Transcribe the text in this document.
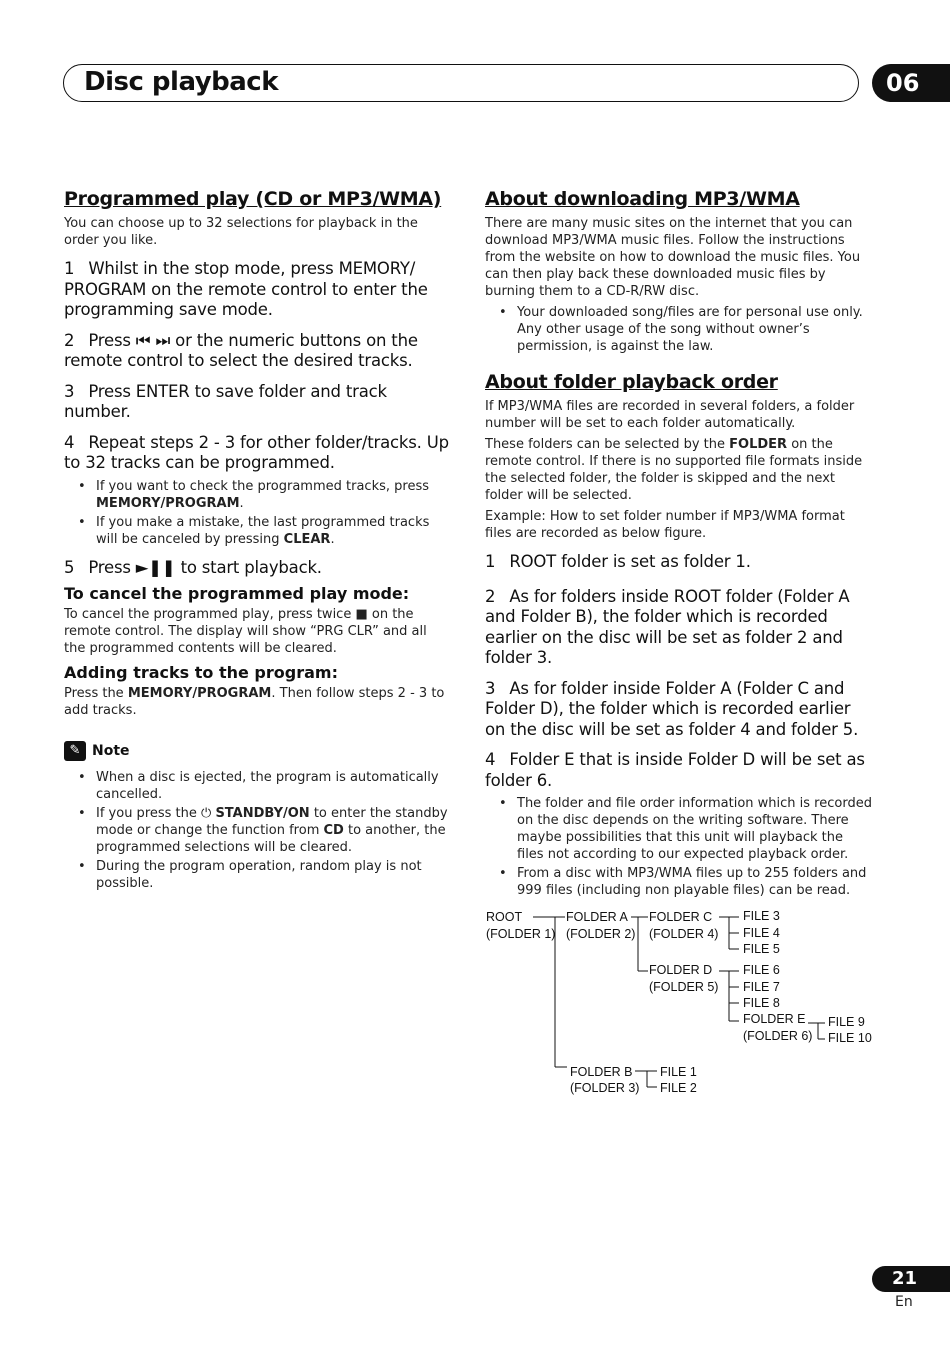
Disc playback	06
Programmed play (CD or MP3/WMA)

You can choose up to 32 selections for playback in the order you like.

1 Whilst in the stop mode, press MEMORY/ PROGRAM on the remote control to enter the programming save mode.
2 Press ⏮ ⏭ or the numeric buttons on the remote control to select the desired tracks.
3 Press ENTER to save folder and track number.
4 Repeat steps 2 - 3 for other folder/tracks. Up to 32 tracks can be programmed.
• If you want to check the programmed tracks, press MEMORY/PROGRAM.
• If you make a mistake, the last programmed tracks will be canceled by pressing CLEAR.
5 Press ►❚❚ to start playback.
To cancel the programmed play mode:

To cancel the programmed play, press twice ■ on the remote control. The display will show “PRG CLR” and all the programmed contents will be cleared.

Adding tracks to the program:

Press the MEMORY/PROGRAM. Then follow steps 2 - 3 to add tracks.

✎ Note
• When a disc is ejected, the program is automatically cancelled.
• If you press the ⏻ STANDBY/ON to enter the standby mode or change the function from CD to another, the programmed selections will be cleared.
• During the program operation, random play is not possible.
About downloading MP3/WMA

There are many music sites on the internet that you can download MP3/WMA music files. Follow the instructions from the website on how to download the music files. You can then play back these downloaded music files by burning them to a CD-R/RW disc.

• Your downloaded song/files are for personal use only. Any other usage of the song without owner’s permission, is against the law.
About folder playback order

If MP3/WMA files are recorded in several folders, a folder number will be set to each folder automatically.

These folders can be selected by the FOLDER on the remote control. If there is no supported file formats inside the selected folder, the folder is skipped and the next folder will be selected.

Example: How to set folder number if MP3/WMA format files are recorded as below figure.

1 ROOT folder is set as folder 1.
2 As for folders inside ROOT folder (Folder A and Folder B), the folder which is recorded earlier on the disc will be set as folder 2 and folder 3.
3 As for folder inside Folder A (Folder C and Folder D), the folder which is recorded earlier on the disc will be set as folder 4 and folder 5.
4 Folder E that is inside Folder D will be set as folder 6.
• The folder and file order information which is recorded on the disc depends on the writing software. There maybe possibilities that this unit will playback the files not according to our expected playback order.
• From a disc with MP3/WMA files up to 255 folders and 999 files (including non playable files) can be read.
ROOT
(FOLDER 1)
FOLDER A
(FOLDER 2)
FOLDER C
(FOLDER 4)
FOLDER D
(FOLDER 5)
FOLDER E
(FOLDER 6)
FOLDER B
(FOLDER 3)
FILE 3
FILE 4
FILE 5
FILE 6
FILE 7
FILE 8
FILE 9
FILE 10
FILE 1
FILE 2
21
En
